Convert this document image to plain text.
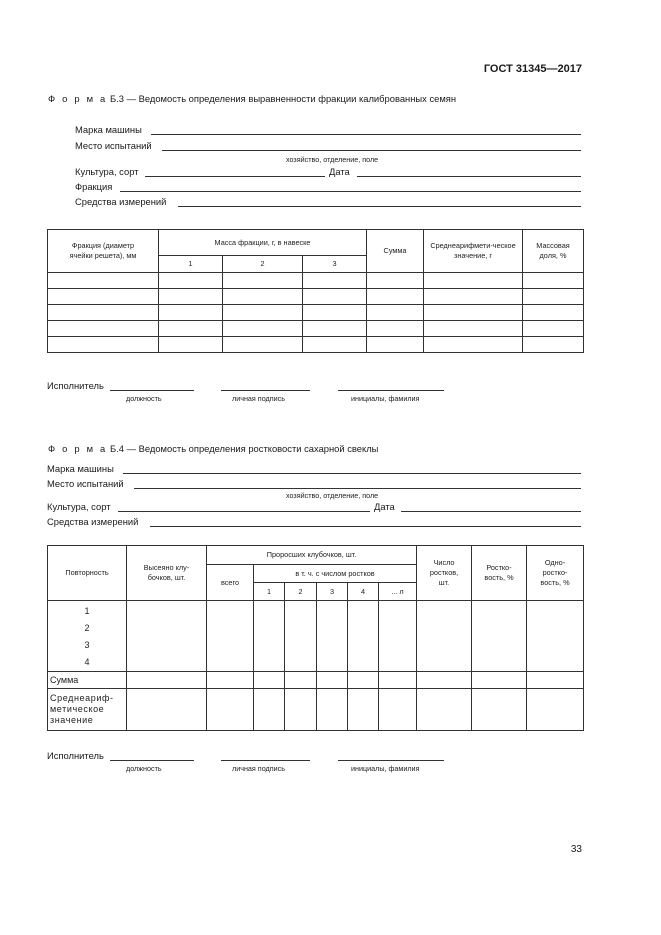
ГОСТ 31345—2017
Ф о р м а Б.3 — Ведомость определения выравненности фракции калиброванных семян
Марка машины
Место испытаний
хозяйство, отделение, поле
Культура, сорт	Дата
Фракция
Средства измерений
Фракция (диаметр ячейки решета), мм	Масса фракции, г, в навеске			Сумма	Среднеарифмети-ческое значение, г	Массовая доля, %
	1	2	3			

Исполнитель
должность	личная подпись	инициалы, фамилия
Ф о р м а Б.4 — Ведомость определения ростковости сахарной свеклы
Марка машины
Место испытаний
хозяйство, отделение, поле
Культура, сорт	Дата
Средства измерений
Повторность	Высеяно клу-бочков, шт.	Проросших клубочков, шт.						Число ростков, шт.	Ростко-вость, %	Одно-ростко-вость, %
		всего	в т. ч. с числом ростков							
			1	2	3	4	... л			

1
2
3
4										

Сумма										
Среднеариф-метическое значение										
Исполнитель
должность	личная подпись	инициалы, фамилия
33
